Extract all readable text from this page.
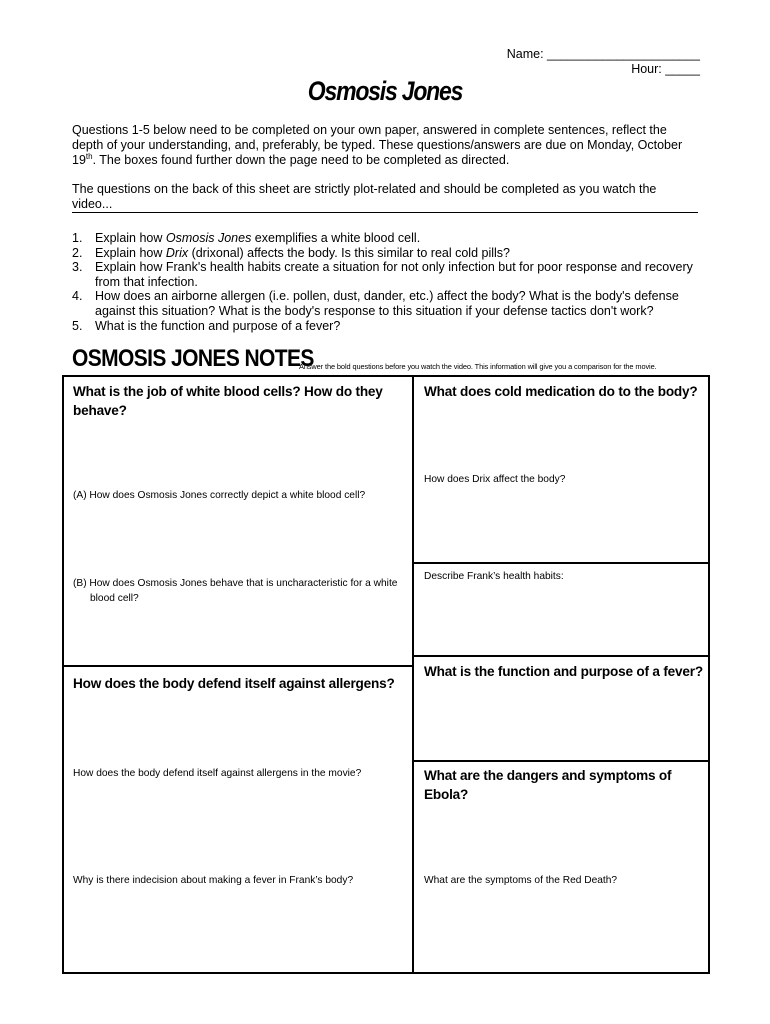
Name: ______________________
Hour: _____
Osmosis Jones
Questions 1-5 below need to be completed on your own paper, answered in complete sentences, reflect the
depth of your understanding, and, preferably, be typed. These questions/answers are due on Monday, October
19th. The boxes found further down the page need to be completed as directed.
The questions on the back of this sheet are strictly plot-related and should be completed as you watch the
video...
1.	Explain how Osmosis Jones exemplifies a white blood cell.
2.	Explain how Drix (drixonal) affects the body. Is this similar to real cold pills?
3.	Explain how Frank's health habits create a situation for not only infection but for poor response and recovery from that infection.
4.	How does an airborne allergen (i.e. pollen, dust, dander, etc.) affect the body? What is the body's defense against this situation? What is the body's response to this situation if your defense tactics don't work?
5.	What is the function and purpose of a fever?
OSMOSIS JONES NOTES
Answer the bold questions before you watch the video. This information will give you a comparison for the movie.
What is the job of white blood cells? How do they behave?
(A) How does Osmosis Jones correctly depict a white blood cell?
(B) How does Osmosis Jones behave that is uncharacteristic for a white
blood cell?
How does the body defend itself against allergens?
How does the body defend itself against allergens in the movie?
Why is there indecision about making a fever in Frank’s body?
What does cold medication do to the body?
How does Drix affect the body?
Describe Frank’s health habits:
What is the function and purpose of a fever?
What are the dangers and symptoms of Ebola?
What are the symptoms of the Red Death?
